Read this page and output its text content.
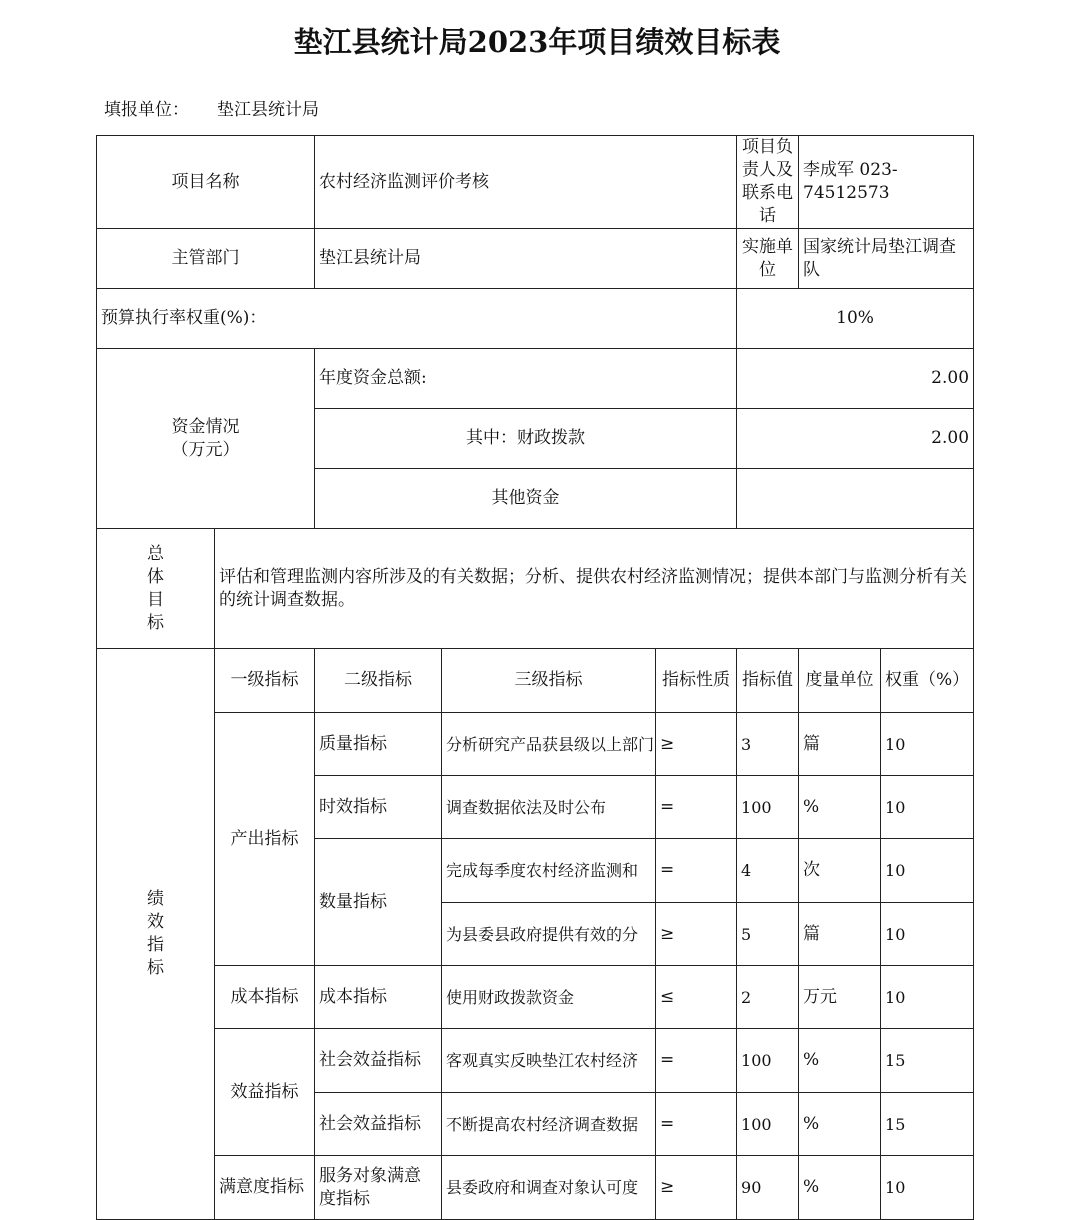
垫江县统计局2023年项目绩效目标表
填报单位： 垫江县统计局
项目名称		农村经济监测评价考核			项目负责人及联系电话	李成军 023-74512573	
主管部门		垫江县统计局			实施单位	国家统计局垫江调查队	
预算执行率权重(%)：					10%		

资金情况
（万元）		年度资金总额:			2.00		
		其中：财政拨款			2.00		
		其他资金					

总
体
目
标	评估和管理监测内容所涉及的有关数据；分析、提供农村经济监测情况；提供本部门与监测分析有关的统计调查数据。						

绩
效
指
标	一级指标	二级指标	三级指标	指标性质	指标值	度量单位	权重（%）
	产出指标	质量指标	分析研究产品获县级以上部门	≥	3	篇	10
		时效指标	调查数据依法及时公布	=	100	%	10
		数量指标	完成每季度农村经济监测和	=	4	次	10
			为县委县政府提供有效的分	≥	5	篇	10
	成本指标	成本指标	使用财政拨款资金	≤	2	万元	10
	效益指标	社会效益指标	客观真实反映垫江农村经济	=	100	%	15
		社会效益指标	不断提高农村经济调查数据	=	100	%	15
	满意度指标	服务对象满意度指标	县委政府和调查对象认可度	≥	90	%	10
